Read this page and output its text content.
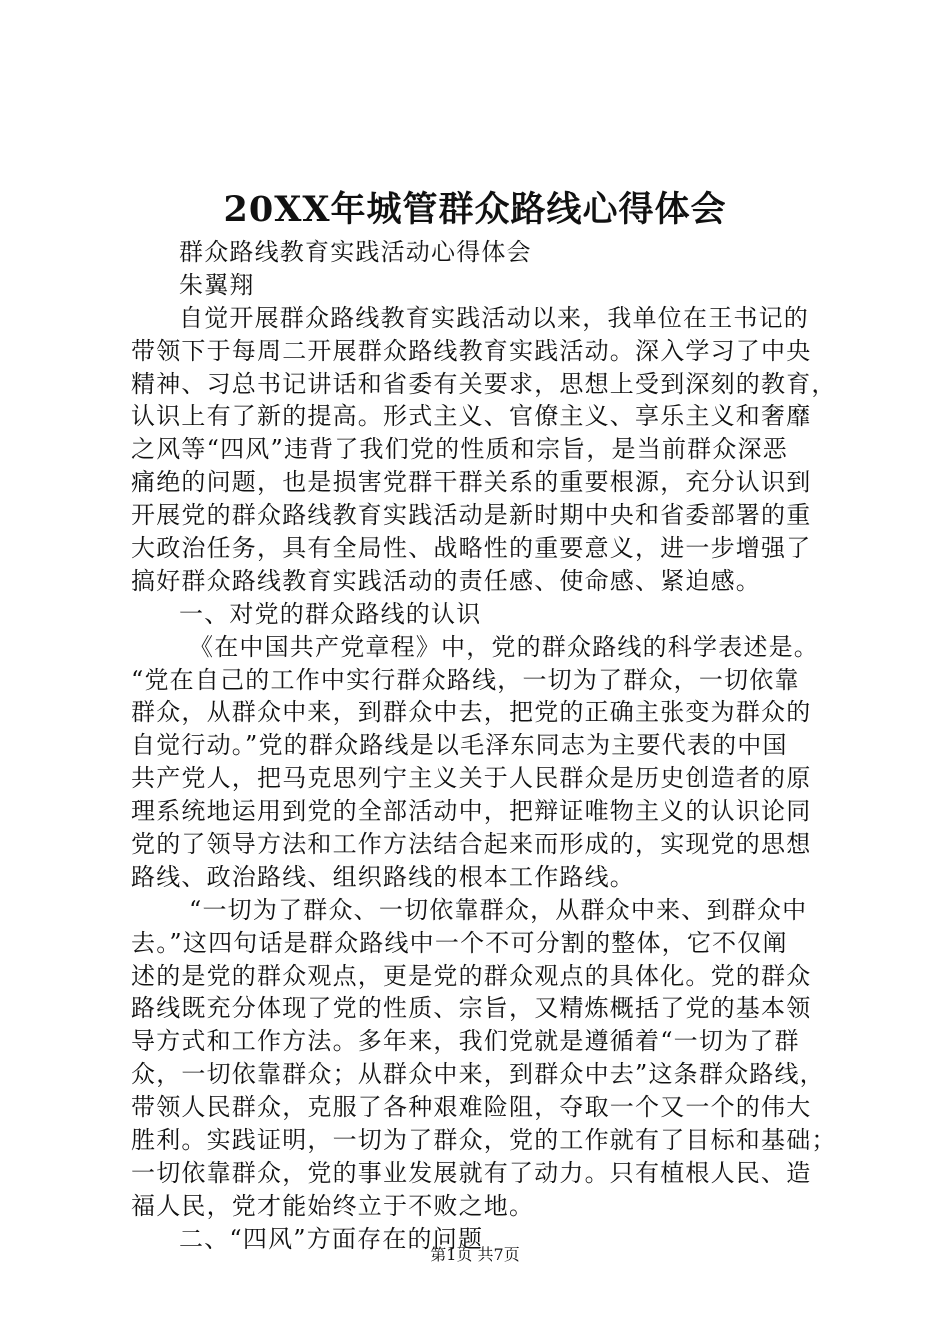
20XX年城管群众路线心得体会
群众路线教育实践活动心得体会
朱翼翔
自觉开展群众路线教育实践活动以来，我单位在王书记的
带领下于每周二开展群众路线教育实践活动。深入学习了中央
精神、习总书记讲话和省委有关要求，思想上受到深刻的教育，
认识上有了新的提高。形式主义、官僚主义、享乐主义和奢靡
之风等“四风”违背了我们党的性质和宗旨，是当前群众深恶
痛绝的问题，也是损害党群干群关系的重要根源，充分认识到
开展党的群众路线教育实践活动是新时期中央和省委部署的重
大政治任务，具有全局性、战略性的重要意义，进一步增强了
搞好群众路线教育实践活动的责任感、使命感、紧迫感。
一、对党的群众路线的认识
《在中国共产党章程》中，党的群众路线的科学表述是。
“党在自己的工作中实行群众路线，一切为了群众，一切依靠
群众，从群众中来，到群众中去，把党的正确主张变为群众的
自觉行动。”党的群众路线是以毛泽东同志为主要代表的中国
共产党人，把马克思列宁主义关于人民群众是历史创造者的原
理系统地运用到党的全部活动中，把辩证唯物主义的认识论同
党的了领导方法和工作方法结合起来而形成的，实现党的思想
路线、政治路线、组织路线的根本工作路线。
“一切为了群众、一切依靠群众，从群众中来、到群众中
去。”这四句话是群众路线中一个不可分割的整体，它不仅阐
述的是党的群众观点，更是党的群众观点的具体化。党的群众
路线既充分体现了党的性质、宗旨，又精炼概括了党的基本领
导方式和工作方法。多年来，我们党就是遵循着“一切为了群
众，一切依靠群众；从群众中来，到群众中去”这条群众路线，
带领人民群众，克服了各种艰难险阻，夺取一个又一个的伟大
胜利。实践证明，一切为了群众，党的工作就有了目标和基础；
一切依靠群众，党的事业发展就有了动力。只有植根人民、造
福人民，党才能始终立于不败之地。
二、“四风”方面存在的问题
第1页 共7页
